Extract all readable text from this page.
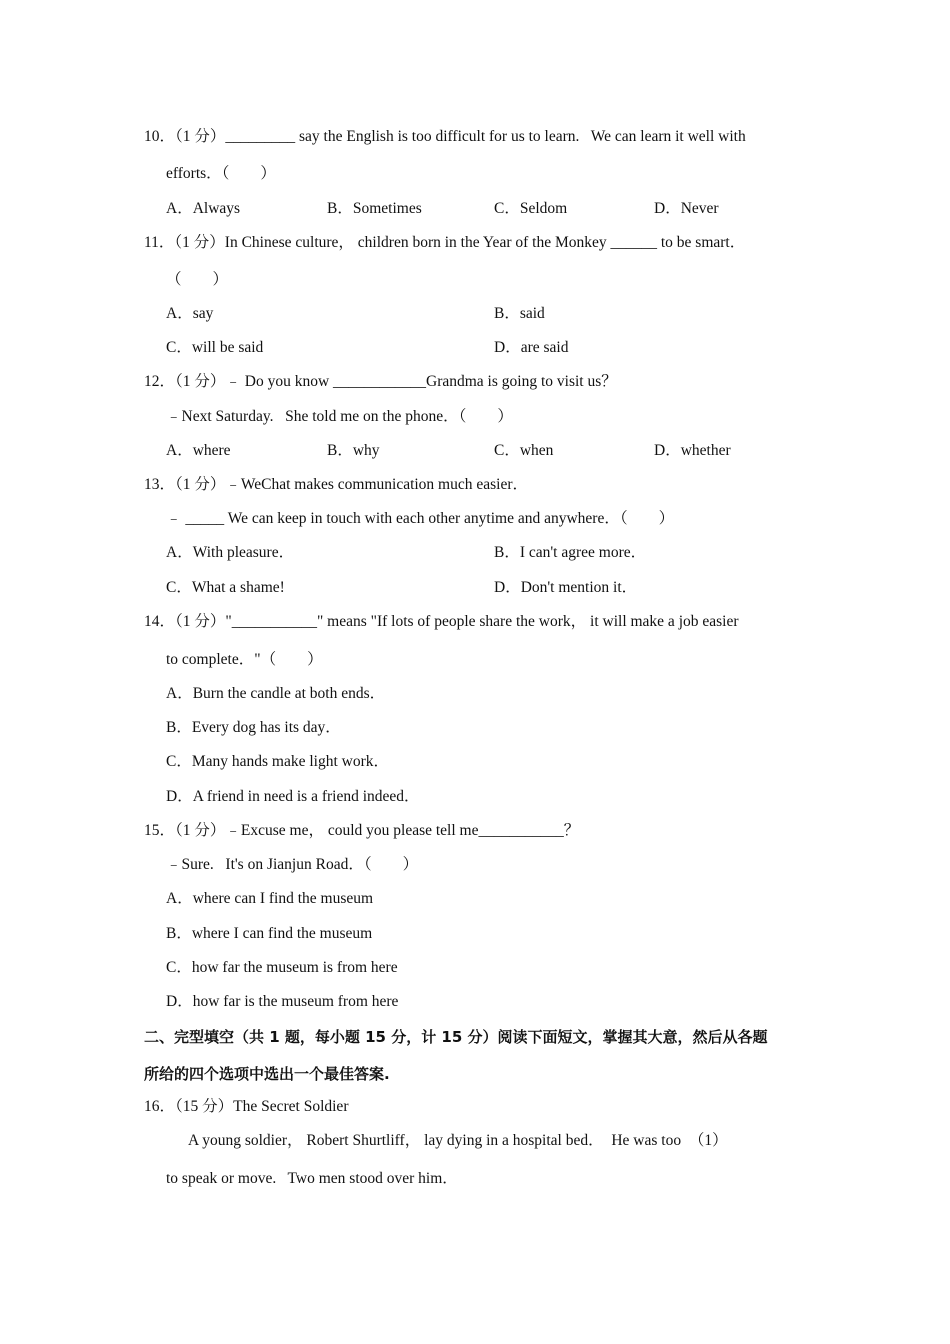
10．（1 分）_________ say the English is too difficult for us to learn.   We can learn it well with
efforts．（　　）
A．Always	B．Sometimes	C．Seldom	D．Never
11．（1 分）In Chinese culture， children born in the Year of the Monkey ______ to be smart．
（　　）
A．say	B．said
C．will be said	D．are said
12．（1 分）﹣ Do you know ____________Grandma is going to visit us？
﹣Next Saturday.   She told me on the phone．（　　）
A．where	B．why	C．when	D．whether
13．（1 分）﹣WeChat makes communication much easier．
﹣ _____ We can keep in touch with each other anytime and anywhere．（　　）
A．With pleasure．	B．I can't agree more．
C．What a shame!	D．Don't mention it．
14．（1 分）"___________" means "If lots of people share the work， it will make a job easier
to complete．"（　　）
A．Burn the candle at both ends．
B．Every dog has its day．
C．Many hands make light work．
D．A friend in need is a friend indeed．
15．（1 分）﹣Excuse me， could you please tell me___________？
﹣Sure.   It's on Jianjun Road．（　　）
A．where can I find the museum
B．where I can find the museum
C．how far the museum is from here
D．how far is the museum from here
二、完型填空（共 1 题，每小题 15 分，计 15 分）阅读下面短文，掌握其大意，然后从各题
所给的四个选项中选出一个最佳答案.
16．（15 分）The Secret Soldier
A young soldier， Robert Shurtliff， lay dying in a hospital bed．  He was too　（1）
to speak or move.   Two men stood over him．
